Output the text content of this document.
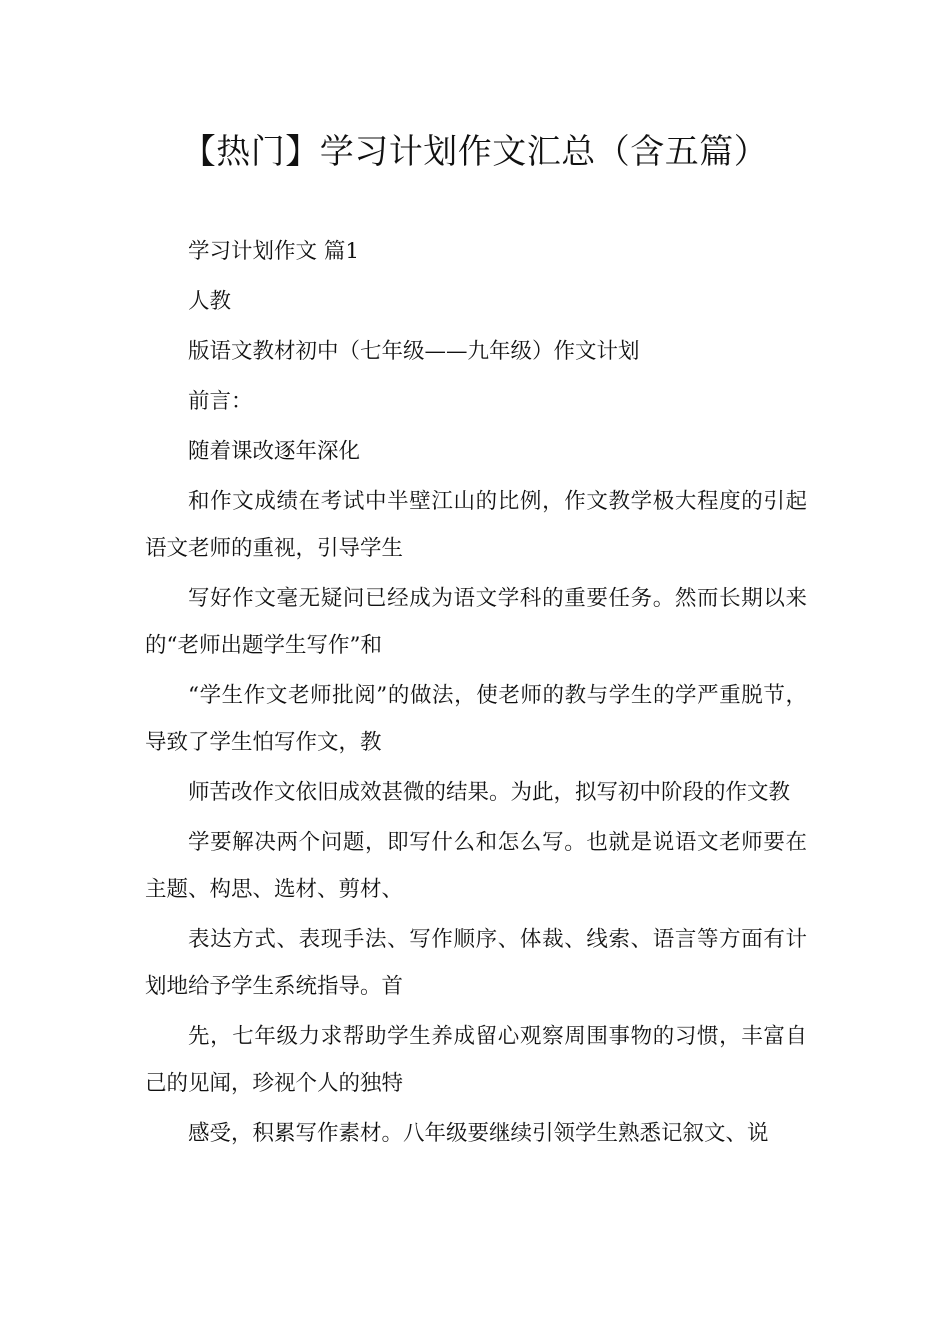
【热门】学习计划作文汇总（含五篇）

学习计划作文 篇1

人教

版语文教材初中（七年级——九年级）作文计划

前言：

随着课改逐年深化

和作文成绩在考试中半壁江山的比例，作文教学极大程度的引起语文老师的重视，引导学生

写好作文毫无疑问已经成为语文学科的重要任务。然而长期以来的“老师出题学生写作”和

“学生作文老师批阅”的做法，使老师的教与学生的学严重脱节，导致了学生怕写作文，教

师苦改作文依旧成效甚微的结果。为此，拟写初中阶段的作文教

学要解决两个问题，即写什么和怎么写。也就是说语文老师要在主题、构思、选材、剪材、

表达方式、表现手法、写作顺序、体裁、线索、语言等方面有计划地给予学生系统指导。首

先，七年级力求帮助学生养成留心观察周围事物的习惯，丰富自己的见闻，珍视个人的独特

感受，积累写作素材。八年级要继续引领学生熟悉记叙文、说
